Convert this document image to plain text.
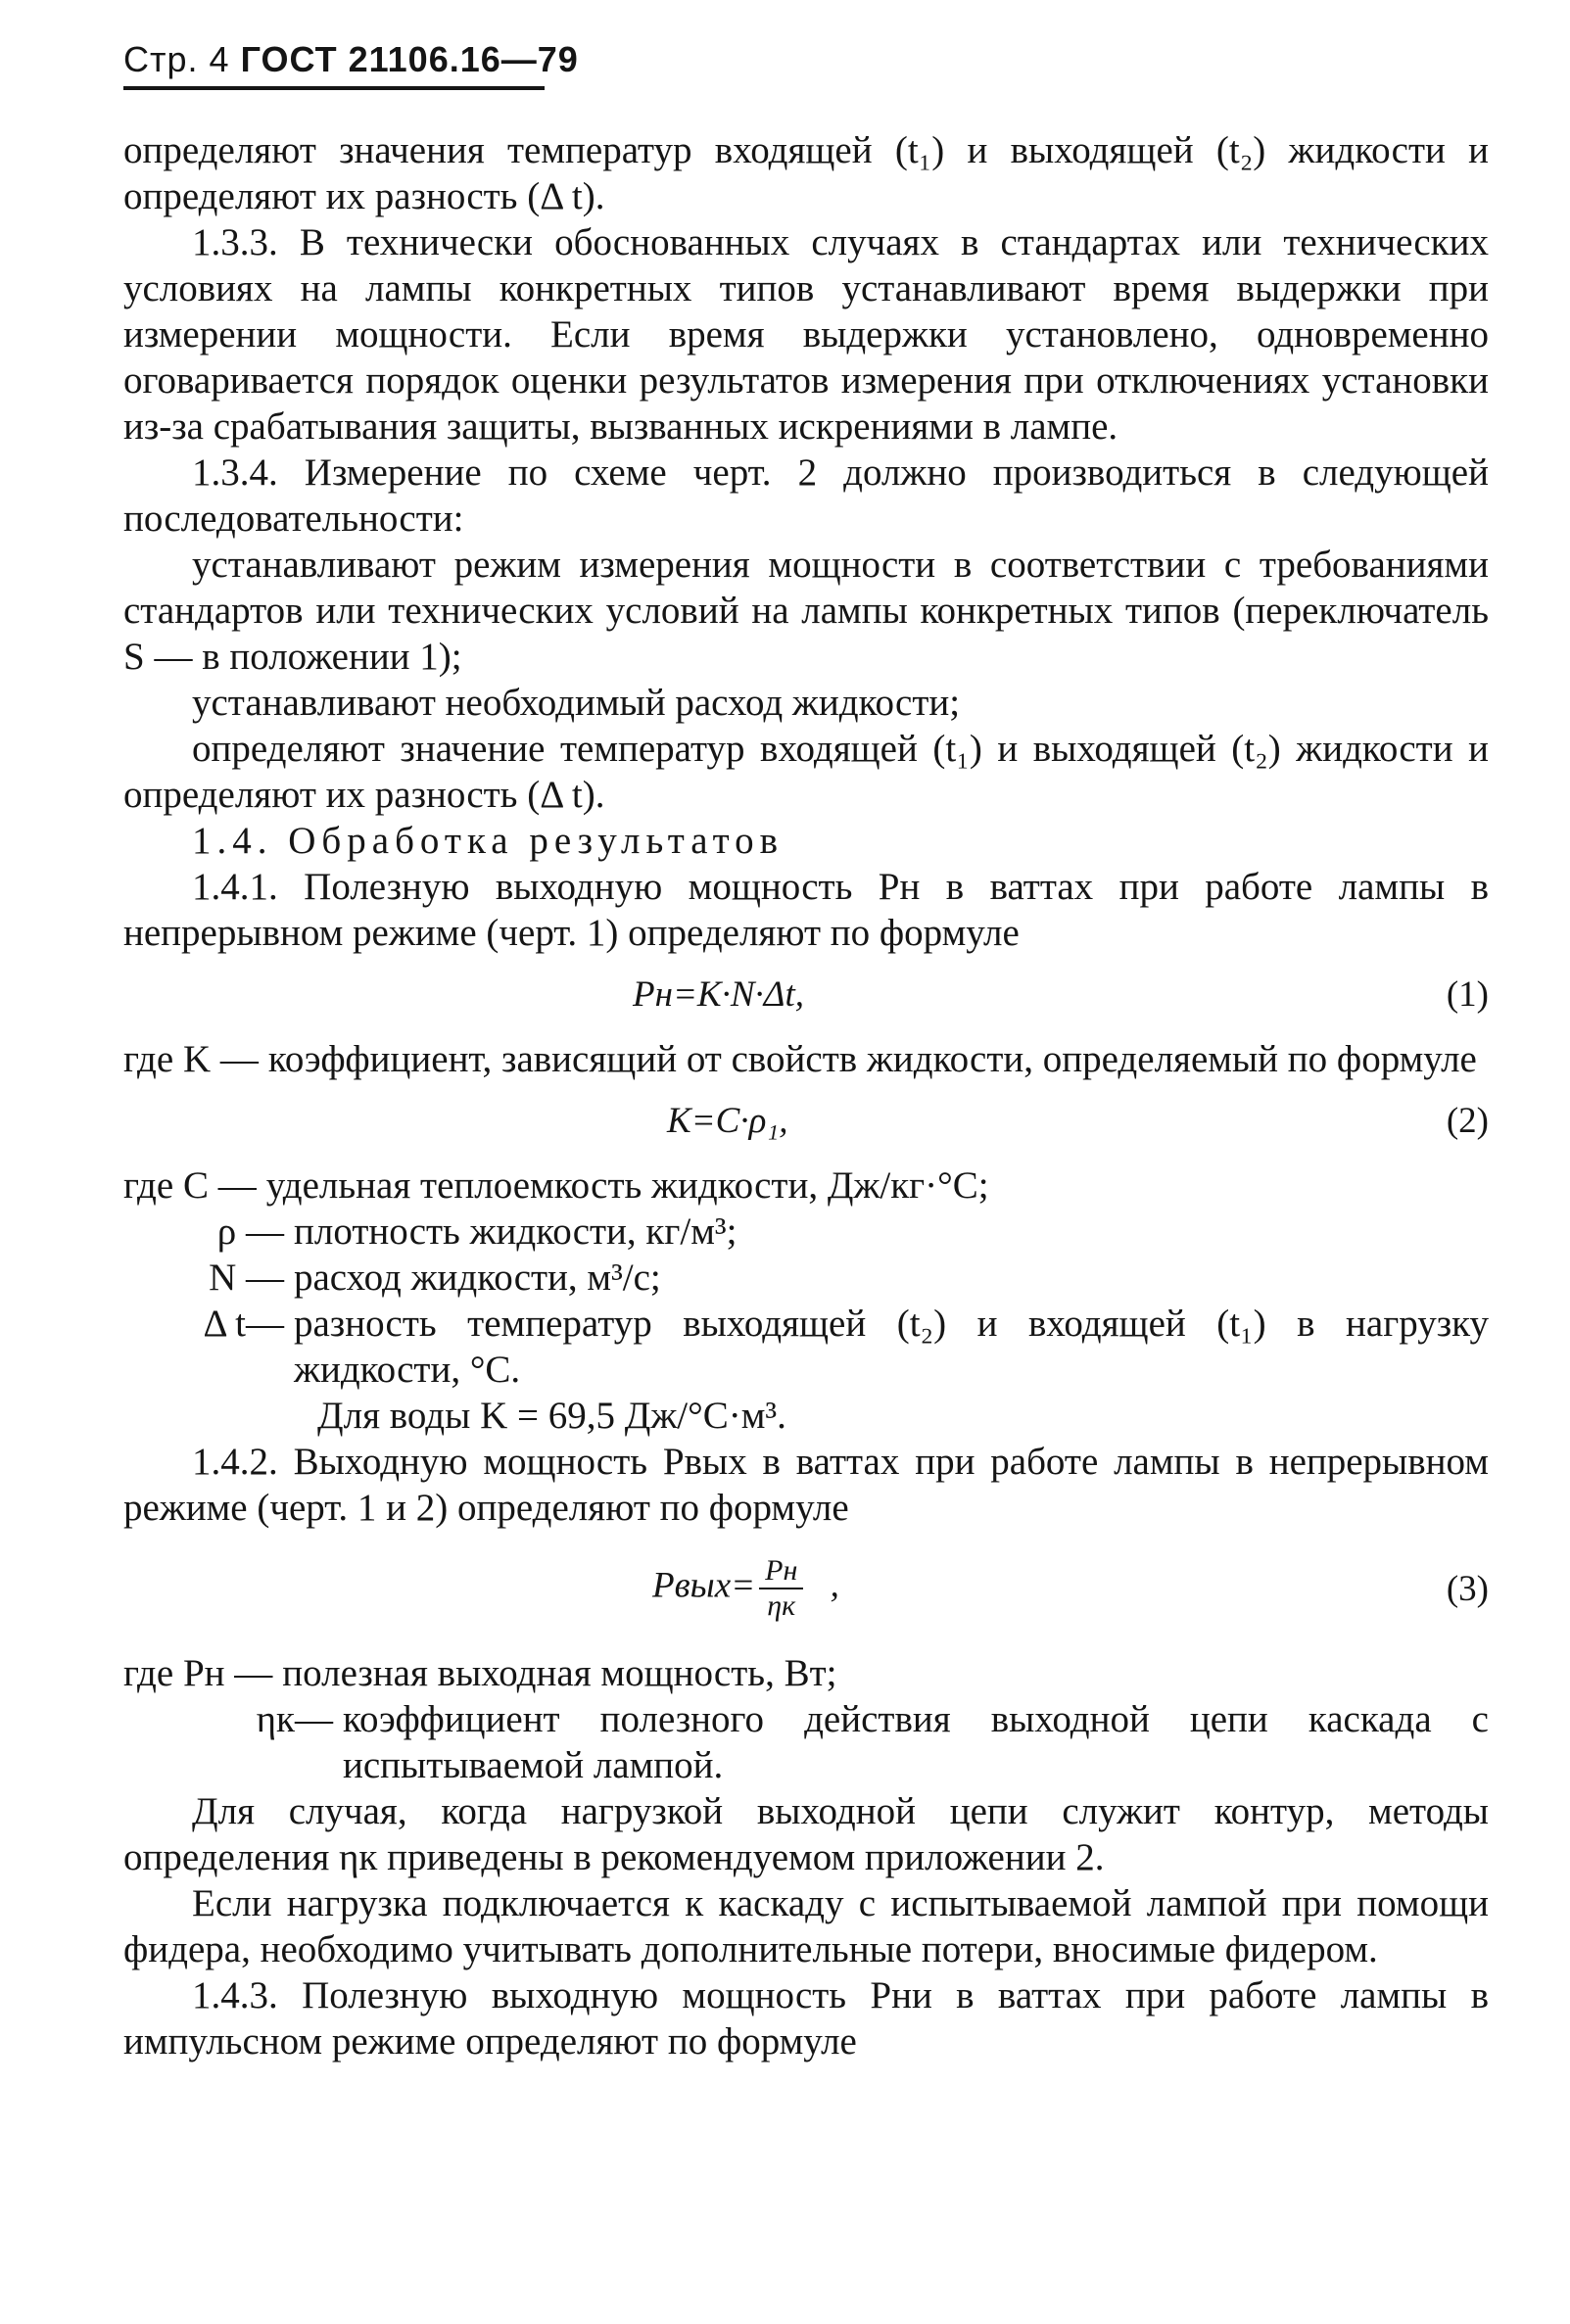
Стр. 4 ГОСТ 21106.16—79

определяют значения температур входящей (t₁) и выходящей (t₂) жидкости и определяют их разность (Δ t).

1.3.3. В технически обоснованных случаях в стандартах или технических условиях на лампы конкретных типов устанавливают время выдержки при измерении мощности. Если время выдержки установлено, одновременно оговаривается порядок оценки результатов измерения при отключениях установки из-за срабатывания защиты, вызванных искрениями в лампе.

1.3.4. Измерение по схеме черт. 2 должно производиться в следующей последовательности:

устанавливают режим измерения мощности в соответствии с требованиями стандартов или технических условий на лампы конкретных типов (переключатель S — в положении 1);

устанавливают необходимый расход жидкости;

определяют значение температур входящей (t₁) и выходящей (t₂) жидкости и определяют их разность (Δ t).

1.4. Обработка результатов

1.4.1. Полезную выходную мощность Pн в ваттах при работе лампы в непрерывном режиме (черт. 1) определяют по формуле

Pн=K·N·Δt,	(1)
где K — коэффициент, зависящий от свойств жидкости, определяемый по формуле
K=C·ρ₁,	(2)
где C — удельная теплоемкость жидкости, Дж/кг·°С;
ρ — плотность жидкости, кг/м³;
N — расход жидкости, м³/с;
Δ t— разность температур выходящей (t₂) и входящей (t₁) в нагрузку жидкости, °С.

Для воды K = 69,5 Дж/°С·м³.

1.4.2. Выходную мощность Pвых в ваттах при работе лампы в непрерывном режиме (черт. 1 и 2) определяют по формуле

Pвых= $\frac{Pн}{\eta к}$ ,	(3)
где Pн — полезная выходная мощность, Вт;
ηк— коэффициент полезного действия выходной цепи каскада с испытываемой лампой.

Для случая, когда нагрузкой выходной цепи служит контур, методы определения ηк приведены в рекомендуемом приложении 2.

Если нагрузка подключается к каскаду с испытываемой лампой при помощи фидера, необходимо учитывать дополнительные потери, вносимые фидером.

1.4.3. Полезную выходную мощность Pни в ваттах при работе лампы в импульсном режиме определяют по формуле
